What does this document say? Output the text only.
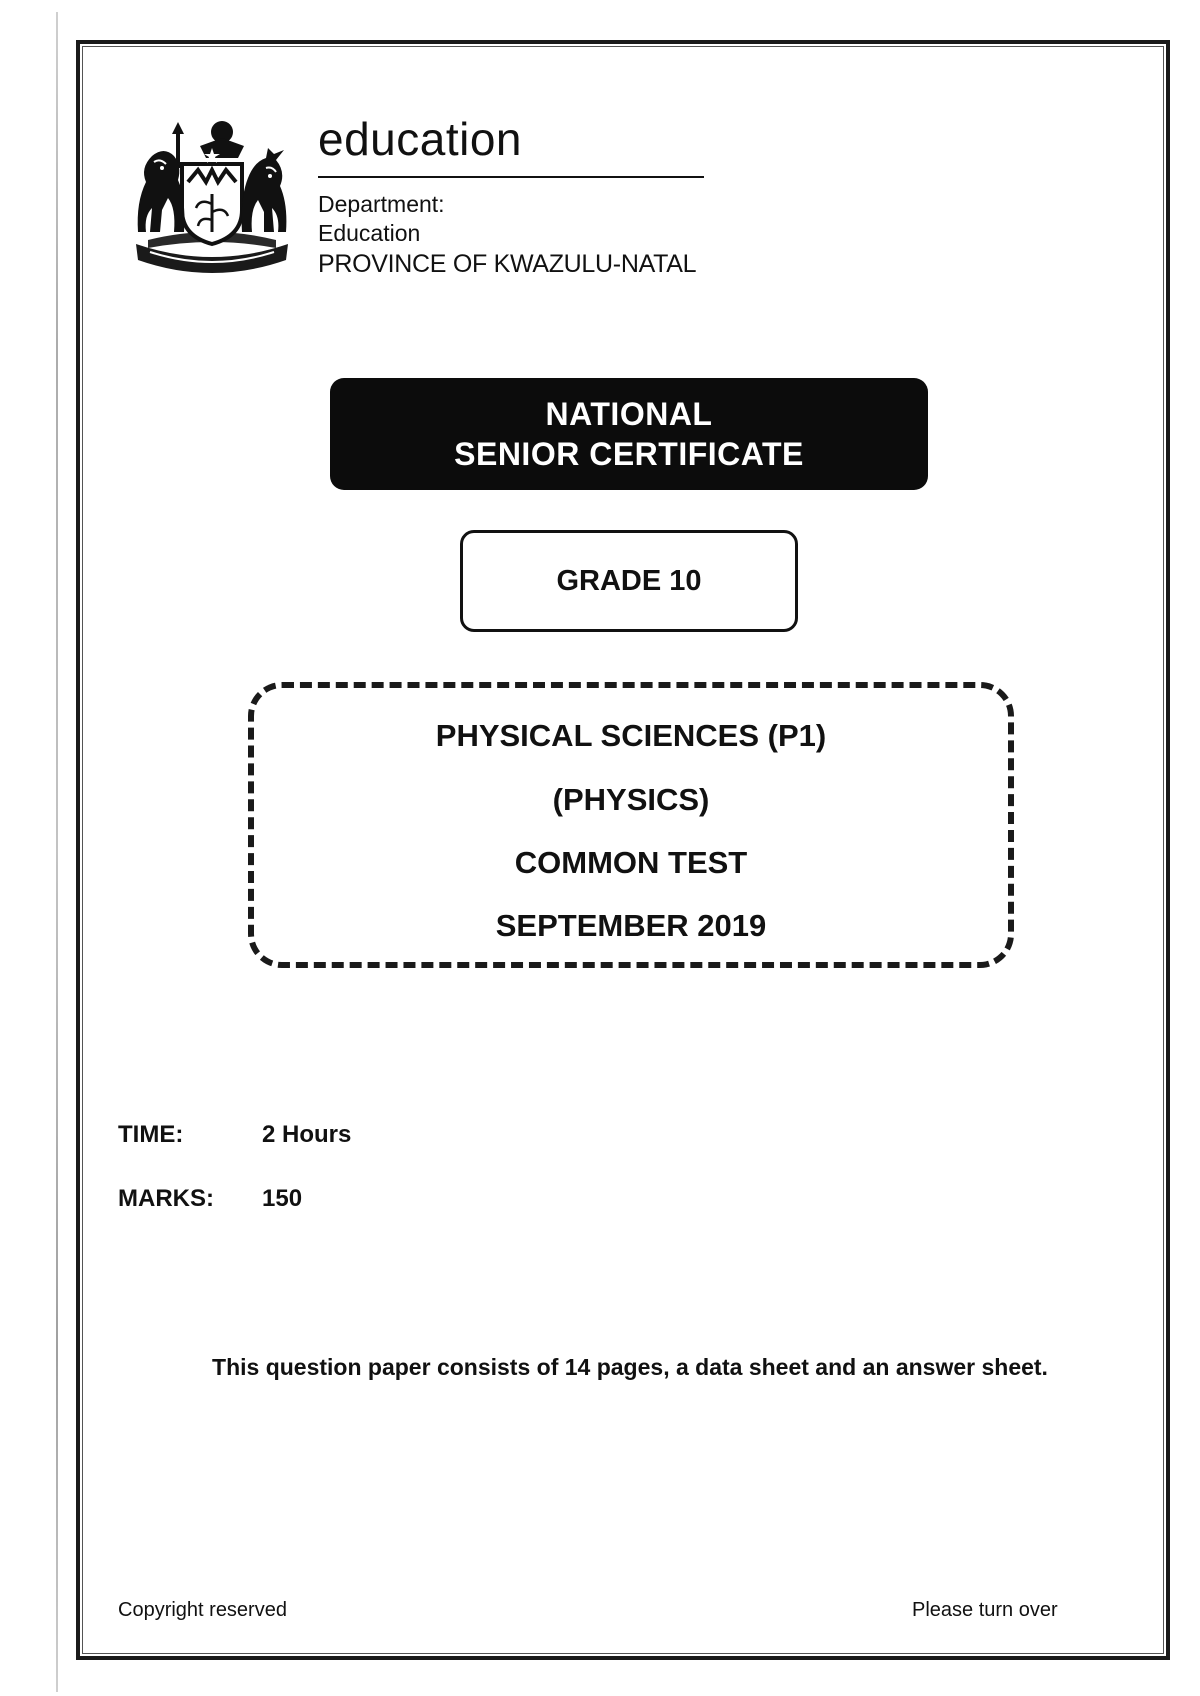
education
Department:
Education
PROVINCE OF KWAZULU-NATAL
NATIONAL
SENIOR CERTIFICATE
GRADE 10
PHYSICAL SCIENCES (P1)
(PHYSICS)
COMMON TEST
SEPTEMBER 2019
TIME:	2 Hours
MARKS: 150
This question paper consists of 14 pages, a data sheet and an answer sheet.
Copyright reserved	Please turn over
